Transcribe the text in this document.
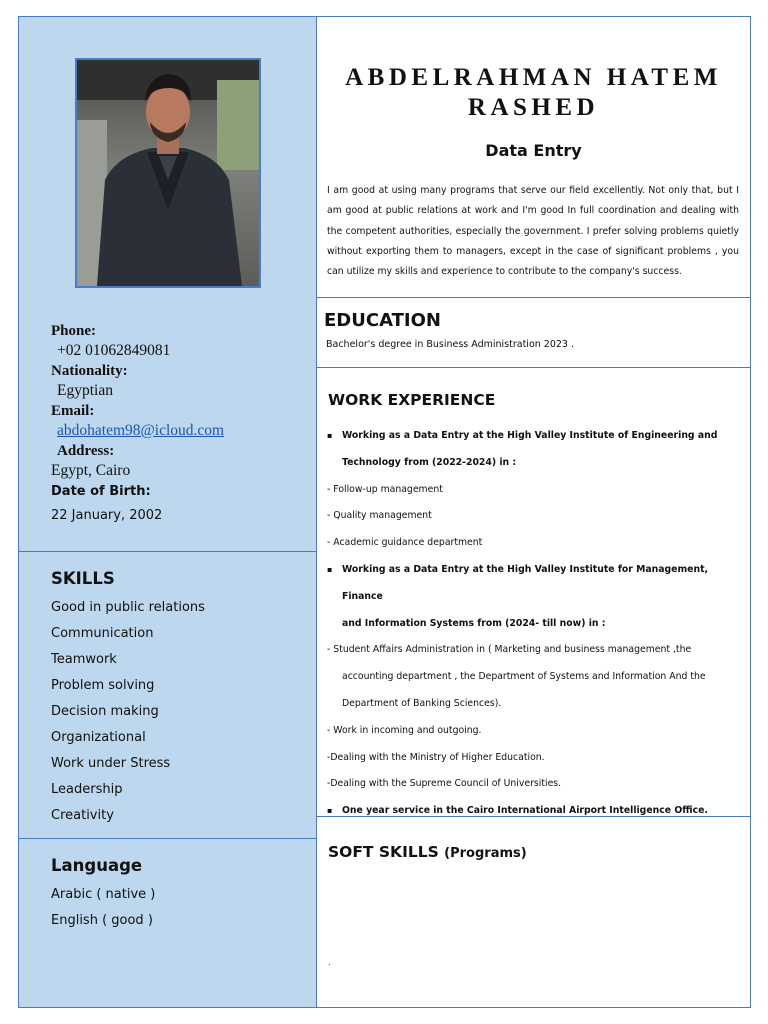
Phone:
+02 01062849081
Nationality:
Egyptian
Email:
abdohatem98@icloud.com
Address:
Egypt, Cairo
Date of Birth:
22 January, 2002
SKILLS
Good in public relations
Communication
Teamwork
Problem solving
Decision making
Organizational
Work under Stress
Leadership
Creativity
Language
Arabic ( native )
English ( good )
ABDELRAHMAN HATEM
RASHED
Data Entry
I am good at using many programs that serve our field excellently. Not only that, but I am good at public relations at work and I'm good In full coordination and dealing with the competent authorities, especially the government. I prefer solving problems quietly without exporting them to managers, except in the case of significant problems , you can utilize my skills and experience to contribute to the company's success.
EDUCATION
Bachelor's degree in Business Administration 2023 .
WORK EXPERIENCE
▪ Working as a Data Entry at the High Valley Institute of Engineering and
Technology from (2022-2024) in :
- Follow-up management
- Quality management
- Academic guidance department
▪ Working as a Data Entry at the High Valley Institute for Management, Finance
and Information Systems from (2024- till now) in :
- Student Affairs Administration in ( Marketing and business management ,the
accounting department , the Department of Systems and Information And the
Department of Banking Sciences).
- Work in incoming and outgoing.
-Dealing with the Ministry of Higher Education.
-Dealing with the Supreme Council of Universities.
▪ One year service in the Cairo International Airport Intelligence Office.
SOFT SKILLS (Programs)
.
